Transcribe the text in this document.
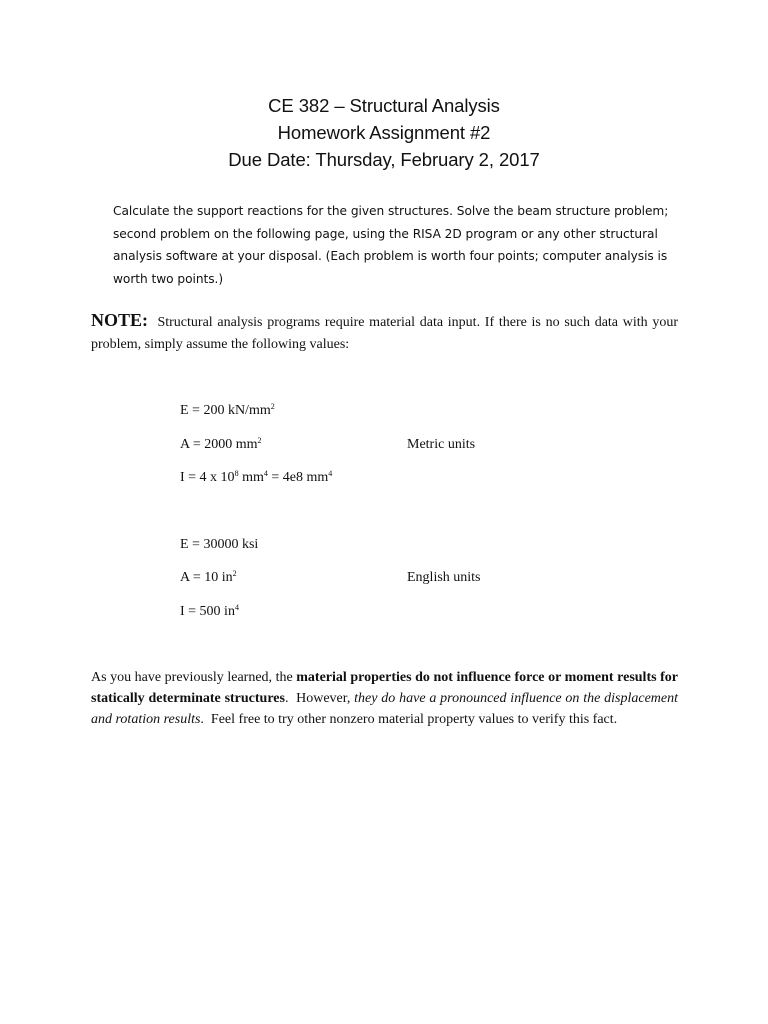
CE 382 – Structural Analysis
Homework Assignment #2
Due Date: Thursday, February 2, 2017
Calculate the support reactions for the given structures. Solve the beam structure problem; second problem on the following page, using the RISA 2D program or any other structural analysis software at your disposal. (Each problem is worth four points; computer analysis is worth two points.)
NOTE: Structural analysis programs require material data input. If there is no such data with your problem, simply assume the following values:
E = 200 $kN/mm^2$
A = 2000 $mm^2$	Metric units
I = 4 x $10^8$ $mm^4 = 4e8$ $mm^4$
E = 30000 ksi
A = 10 $in^2$	English units
I = 500 $in^4$
As you have previously learned, the material properties do not influence force or moment results for statically determinate structures.  However, they do have a pronounced influence on the displacement and rotation results.  Feel free to try other nonzero material property values to verify this fact.
